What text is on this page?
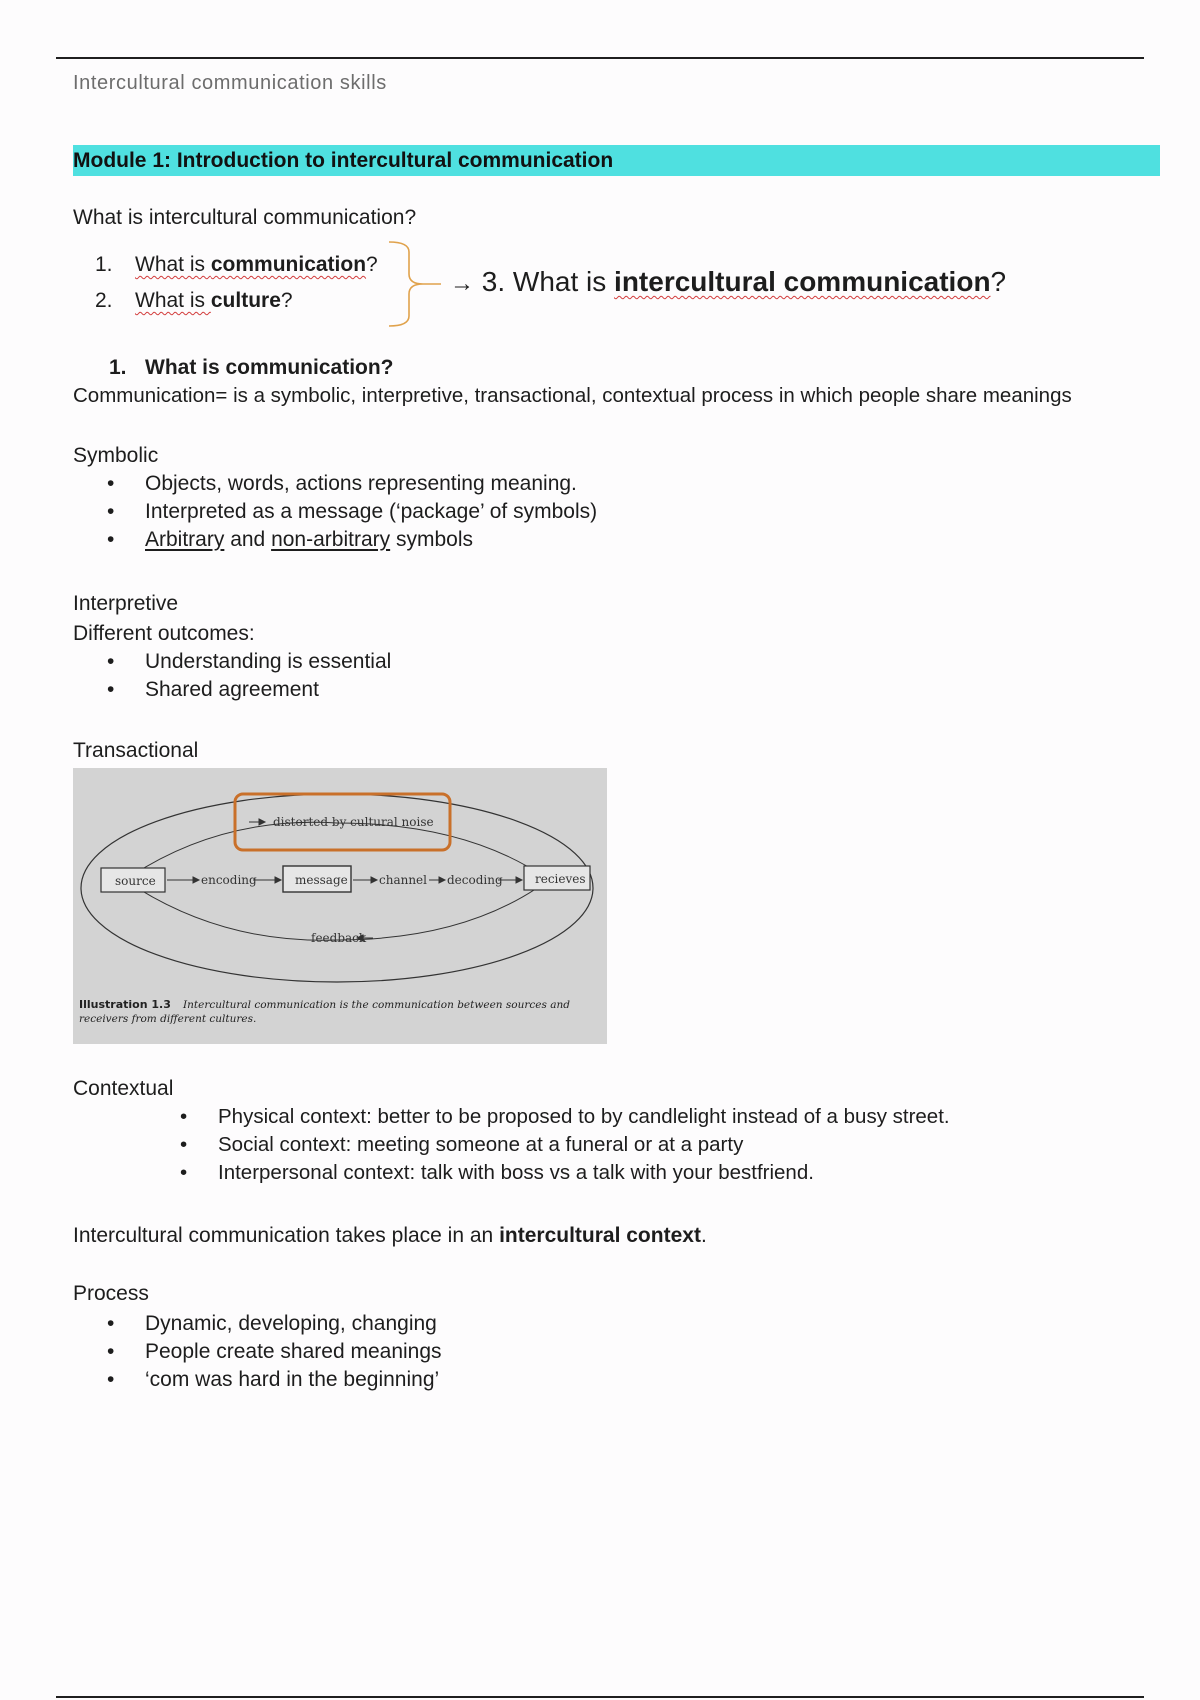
Intercultural communication skills
Module 1: Introduction to intercultural communication
What is intercultural communication?
1. What is communication?
2. What is culture?
→ 3. What is intercultural communication?
1. What is communication?
Communication= is a symbolic, interpretive, transactional, contextual process in which people share meanings
Symbolic
• Objects, words, actions representing meaning.
• Interpreted as a message (‘package’ of symbols)
• Arbitrary and non-arbitrary symbols
Interpretive
Different outcomes:
• Understanding is essential
• Shared agreement
Transactional
distorted by cultural noise
source	encoding	message	channel decoding	recieves
feedback
Illustration 1.3 Intercultural communication is the communication between sources and
receivers from different cultures.
Contextual
• Physical context: better to be proposed to by candlelight instead of a busy street.
• Social context: meeting someone at a funeral or at a party
• Interpersonal context: talk with boss vs a talk with your bestfriend.
Intercultural communication takes place in an intercultural context.
Process
• Dynamic, developing, changing
• People create shared meanings
• ‘com was hard in the beginning’
